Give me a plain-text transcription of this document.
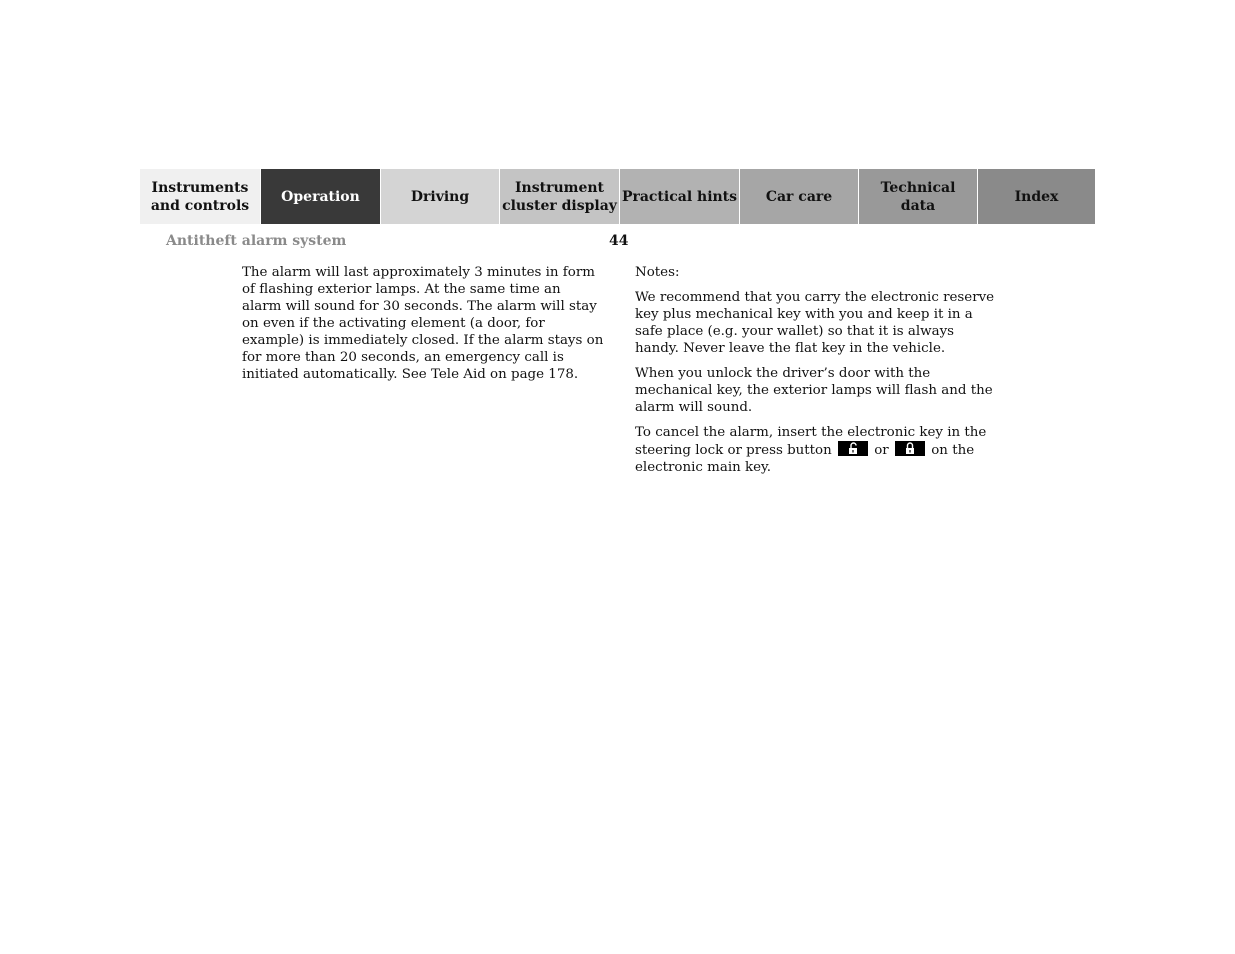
Instruments
and controls
Operation	Driving
Instrument
cluster display
Practical hints	Car care
Technical
data
Index
Antitheft alarm system	44

The alarm will last approximately 3 minutes in form of flashing exterior lamps. At the same time an alarm will sound for 30 seconds. The alarm will stay on even if the activating element (a door, for example) is immediately closed. If the alarm stays on for more than 20 seconds, an emergency call is initiated automatically. See Tele Aid on page 178.

Notes:

We recommend that you carry the electronic reserve key plus mechanical key with you and keep it in a safe place (e.g. your wallet) so that it is always handy. Never leave the flat key in the vehicle.

When you unlock the driver’s door with the mechanical key, the exterior lamps will flash and the alarm will sound.

To cancel the alarm, insert the electronic key in the steering lock or press button	or	on the electronic main key.
